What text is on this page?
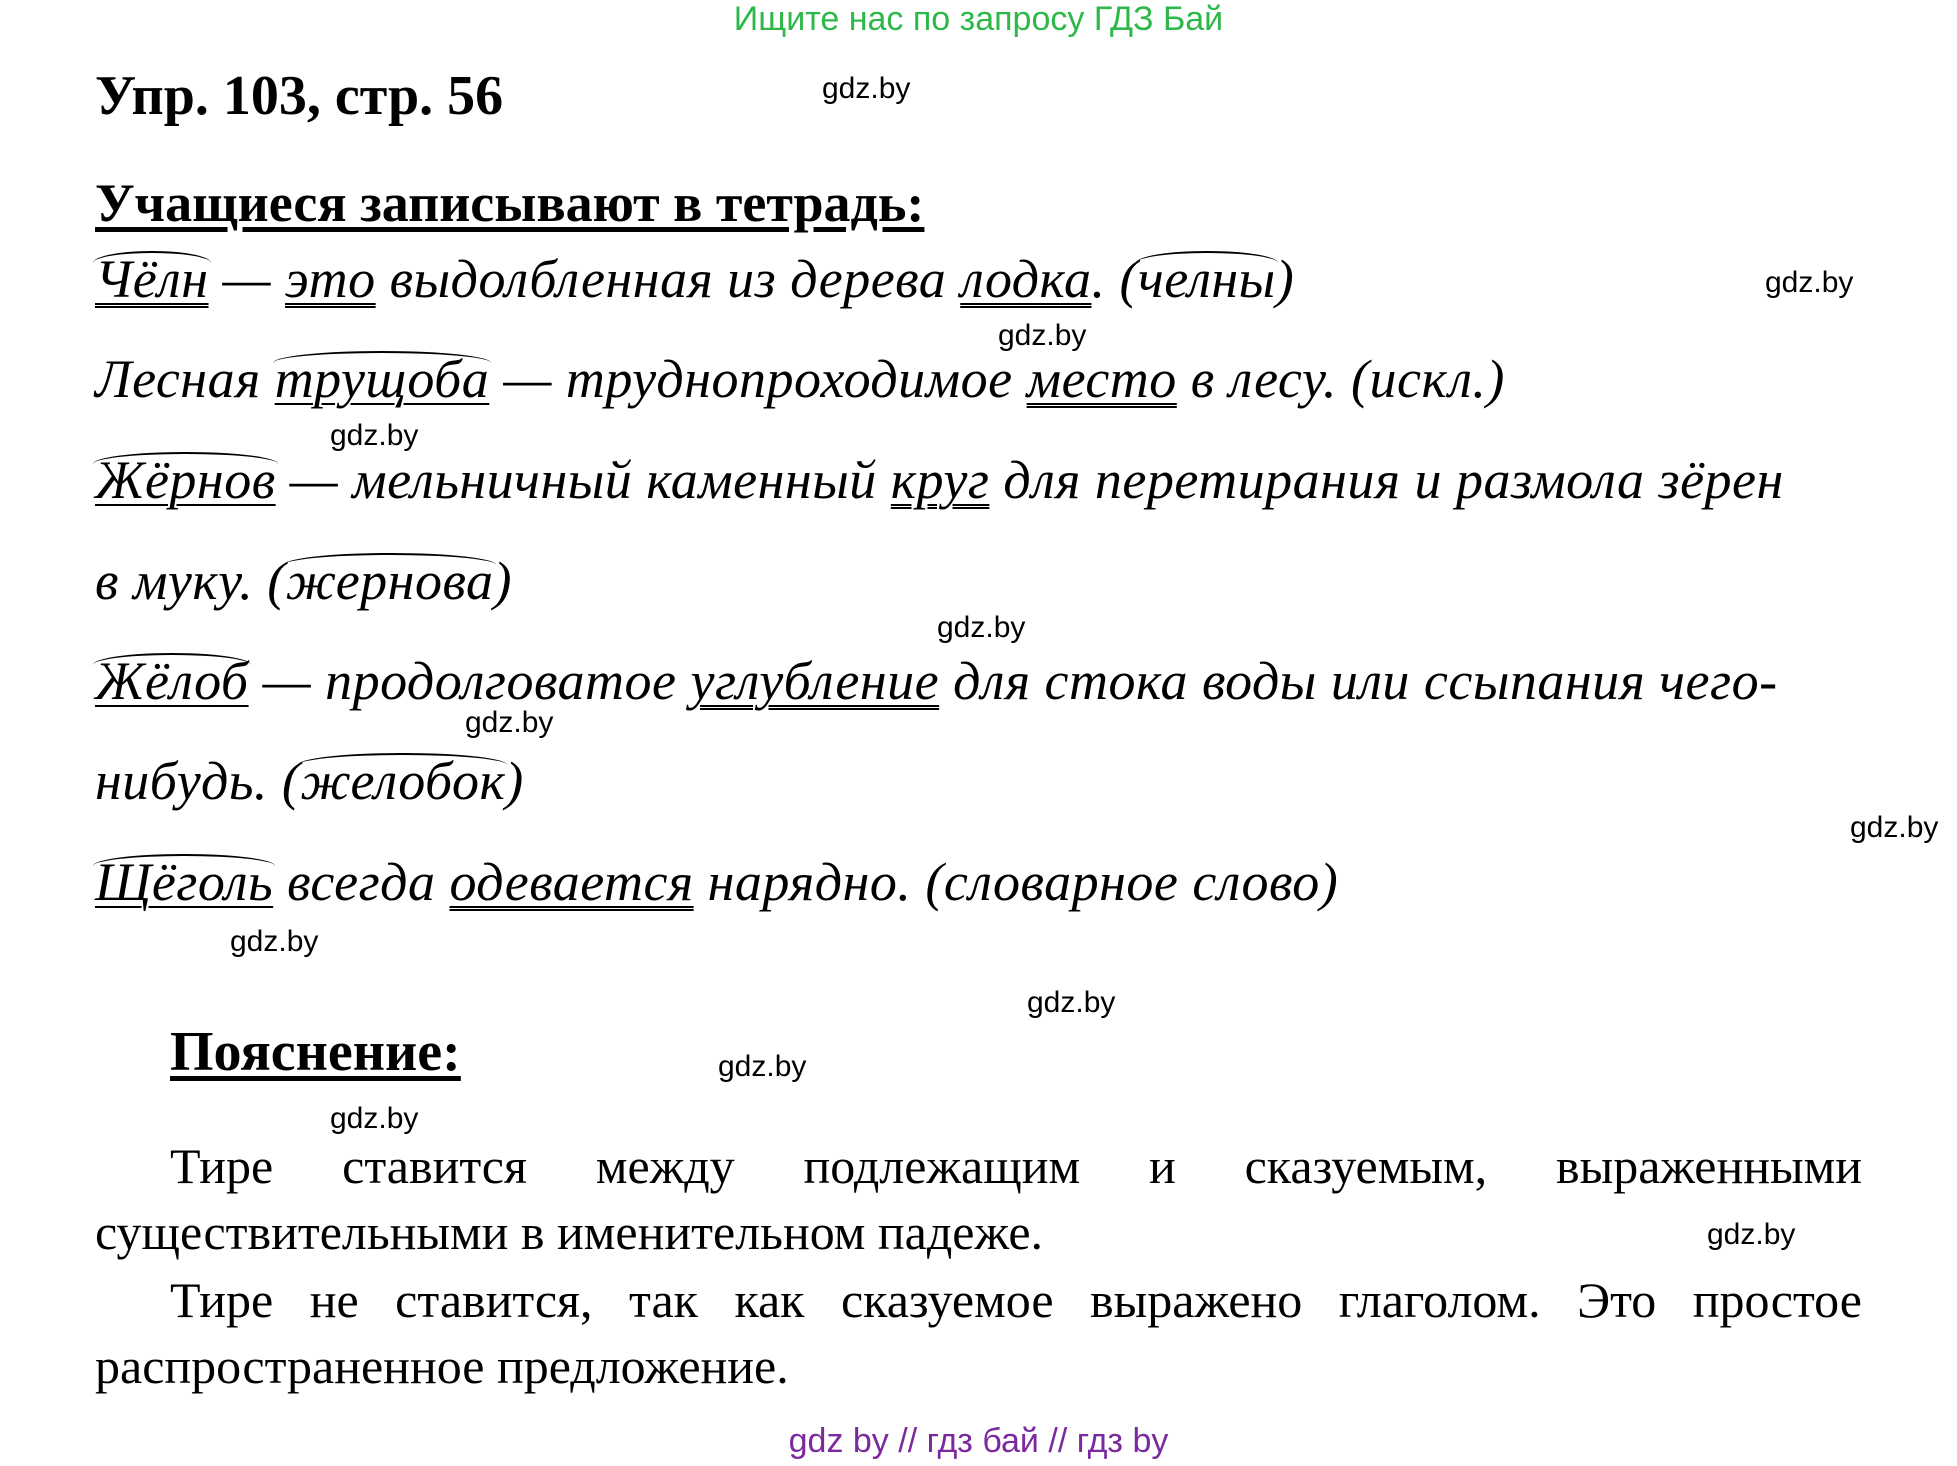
Ищите нас по запросу ГДЗ Бай
Упр. 103, стр. 56	gdz.by
Учащиеся записывают в тетрадь:
Чёлн — это выдолбленная из дерева лодка. (челны)	gdz.by
gdz.by
Лесная трущоба — труднопроходимое место в лесу. (искл.)
gdz.by
Жёрнов — мельничный каменный круг для перетирания и размола зёрен
в муку. (жернова)
gdz.by
Жёлоб — продолговатое углубление для стока воды или ссыпания чего-
gdz.by
нибудь. (желобок)
gdz.by
Щёголь всегда одевается нарядно. (словарное слово)
gdz.by
gdz.by
Пояснение:	gdz.by
gdz.by
Тире ставится между подлежащим и сказуемым, выраженными существительными в именительном падеже.	gdz.by
Тире не ставится, так как сказуемое выражено глаголом. Это простое распространенное предложение.
gdz by // гдз бай // гдз by
